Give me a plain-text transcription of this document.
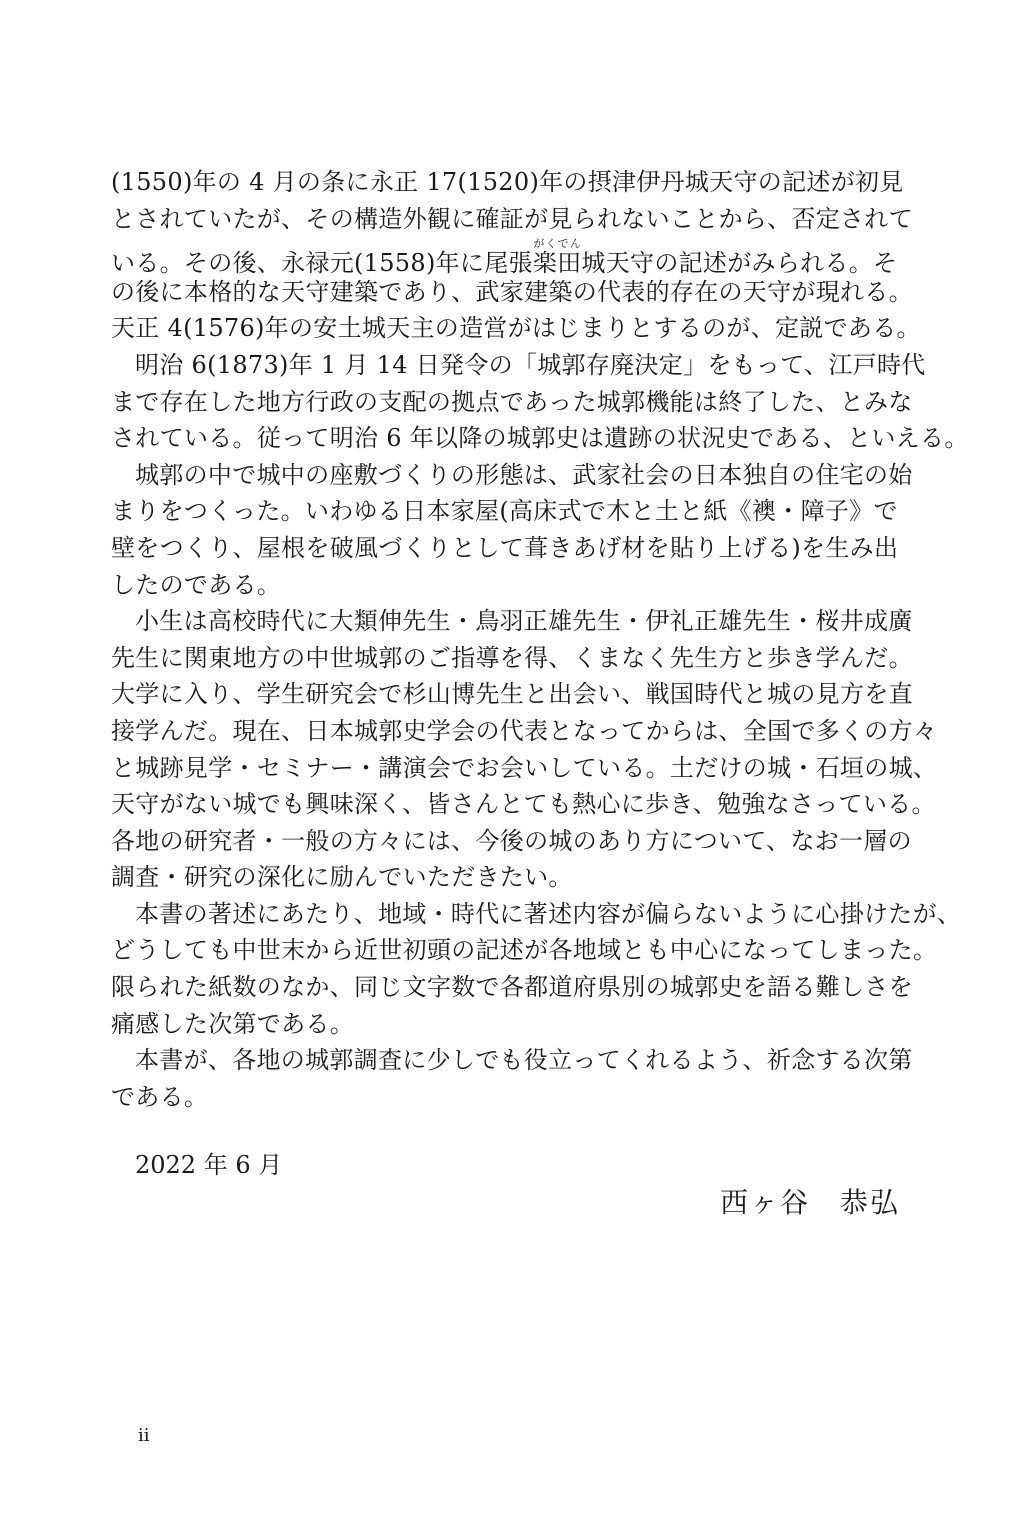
(1550)年の 4 月の条に永正 17(1520)年の摂津伊丹城天守の記述が初見
とされていたが、その構造外観に確証が見られないことから、否定されて
いる。その後、永禄元(1558)年に尾張楽田がくでん城天守の記述がみられる。そ
の後に本格的な天守建築であり、武家建築の代表的存在の天守が現れる。
天正 4(1576)年の安土城天主の造営がはじまりとするのが、定説である。
明治 6(1873)年 1 月 14 日発令の「城郭存廃決定」をもって、江戸時代
まで存在した地方行政の支配の拠点であった城郭機能は終了した、とみな
されている。従って明治 6 年以降の城郭史は遺跡の状況史である、といえる。
城郭の中で城中の座敷づくりの形態は、武家社会の日本独自の住宅の始
まりをつくった。いわゆる日本家屋(高床式で木と土と紙《襖・障子》で
壁をつくり、屋根を破風づくりとして葺きあげ材を貼り上げる)を生み出
したのである。
小生は高校時代に大類伸先生・鳥羽正雄先生・伊礼正雄先生・桜井成廣
先生に関東地方の中世城郭のご指導を得、くまなく先生方と歩き学んだ。
大学に入り、学生研究会で杉山博先生と出会い、戦国時代と城の見方を直
接学んだ。現在、日本城郭史学会の代表となってからは、全国で多くの方々
と城跡見学・セミナー・講演会でお会いしている。土だけの城・石垣の城、
天守がない城でも興味深く、皆さんとても熱心に歩き、勉強なさっている。
各地の研究者・一般の方々には、今後の城のあり方について、なお一層の
調査・研究の深化に励んでいただきたい。
本書の著述にあたり、地域・時代に著述内容が偏らないように心掛けたが、
どうしても中世末から近世初頭の記述が各地域とも中心になってしまった。
限られた紙数のなか、同じ文字数で各都道府県別の城郭史を語る難しさを
痛感した次第である。
本書が、各地の城郭調査に少しでも役立ってくれるよう、祈念する次第
である。
2022 年 6 月
西ヶ谷　恭弘
ii
